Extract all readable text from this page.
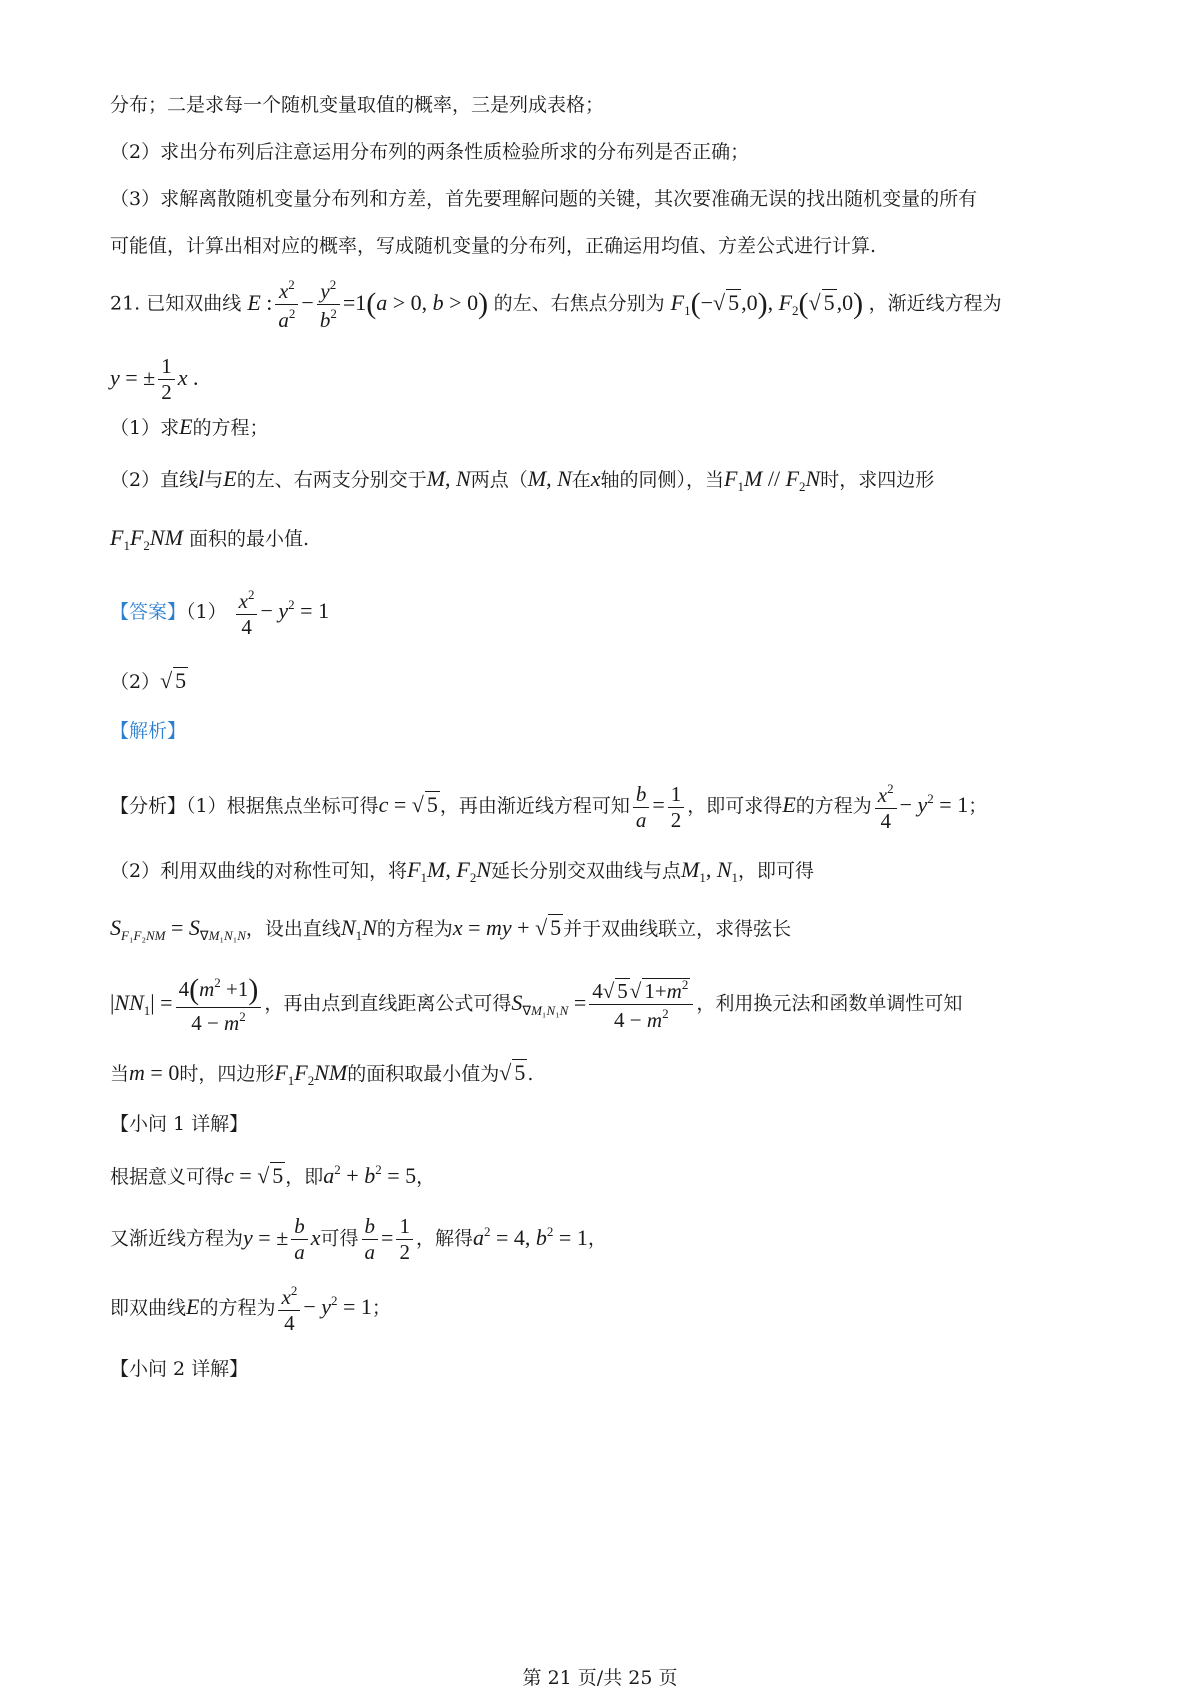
分布；二是求每一个随机变量取值的概率，三是列成表格；
（2）求出分布列后注意运用分布列的两条性质检验所求的分布列是否正确；
（3）求解离散随机变量分布列和方差，首先要理解问题的关键，其次要准确无误的找出随机变量的所有
可能值，计算出相对应的概率，写成随机变量的分布列，正确运用均值、方差公式进行计算.
21. 已知双曲线 E : $\frac{x^2}{a^2} - \frac{y^2}{b^2} =1(a > 0$, b > 0) 的左、右焦点分别为 $F_1(-√$ 5,0), $F_2(√$ 5,0) ，渐近线方程为
y = ± $\frac{1}{2}$ x .
（1）求E的方程；
（2）直线l与E的左、右两支分别交于M, N两点（M, N在x轴的同侧），当$F_1M // F_2N$时，求四边形
$F_1F_2NM$ 面积的最小值.
【答案】$(1) \frac{x^2}{4} - y^2 = 1$
（2）√ 5
【解析】
【分析】（1）根据焦点坐标可得c = √ 5 ，再由渐近线方程可知 $\frac{b}{a} = \frac{1}{2}$ ，即可求得E的方程为 $\frac{x^2}{4} - y^2 = 1$；
（2）利用双曲线的对称性可知，将$F_1M$, $F_2N$延长分别交双曲线与点$M_1$, $N_1$，即可得
$S_{F_1F_2NM} = S_{\nabla M_1N_1N}$，设出直线$N_1N$的方程为x = my + √ 5 并于双曲线联立，求得弦长
$|NN_1| = \frac{4(m^2 +1)}{4 - m^2}$ ，再由点到直线距离公式可得$S_{\nabla M_1N_1N} = \frac{4√ 5√ 1+m^2}{4 - m^2}$ ，利用换元法和函数单调性可知
当m = 0时，四边形$F_1F_2NM$的面积取最小值为√ 5 .
【小问 1 详解】
根据意义可得c = √ 5 ，即$a^2 + b^2 = 5$，
又渐近线方程为y = ± $\frac{b}{a}$ x可得 $\frac{b}{a} = \frac{1}{2}$ ，解得$a^2 = 4$, $b^2 = 1$，
即双曲线E的方程为 $\frac{x^2}{4} - y^2 = 1$；
【小问 2 详解】
第 21 页/共 25 页
